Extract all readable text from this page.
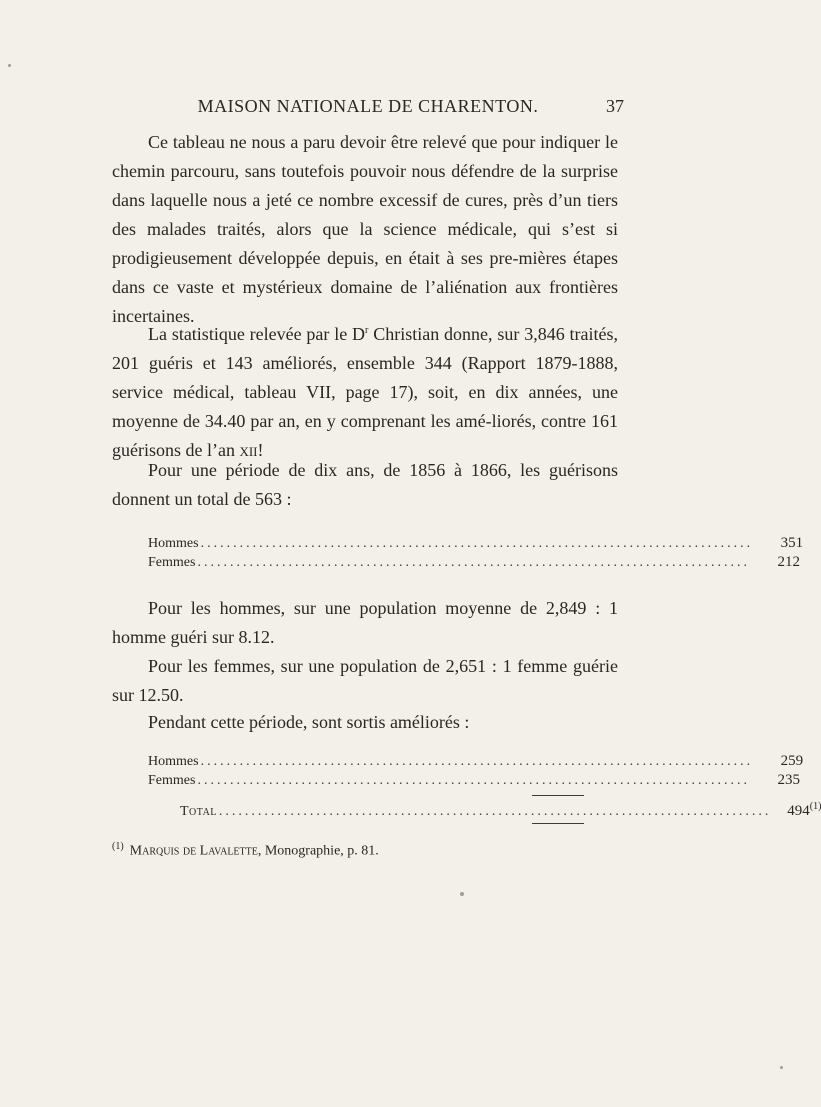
MAISON NATIONALE DE CHARENTON.	37

Ce tableau ne nous a paru devoir être relevé que pour indiquer le chemin parcouru, sans toutefois pouvoir nous défendre de la surprise dans laquelle nous a jeté ce nombre excessif de cures, près d’un tiers des malades traités, alors que la science médicale, qui s’est si prodigieusement développée depuis, en était à ses pre-mières étapes dans ce vaste et mystérieux domaine de l’aliénation aux frontières incertaines.

La statistique relevée par le $D^r$ Christian donne, sur 3,846 traités, 201 guéris et 143 améliorés, ensemble 344 (Rapport 1879-1888, service médical, tableau VII, page 17), soit, en dix années, une moyenne de 34.40 par an, en y comprenant les amé-liorés, contre 161 guérisons de l’an xii!

Pour une période de dix ans, de 1856 à 1866, les guérisons donnent un total de 563 :

Hommes .....................................................................................	351
Femmes .....................................................................................	212

Pour les hommes, sur une population moyenne de 2,849 : 1 homme guéri sur 8.12.

Pour les femmes, sur une population de 2,651 : 1 femme guérie sur 12.50.

Pendant cette période, sont sortis améliorés :

Hommes .....................................................................................	259
Femmes .....................................................................................	235
Total .....................................................................................	494$^{(1)}$
$^{(1)}$ Marquis de Lavalette, Monographie, p. 81.
